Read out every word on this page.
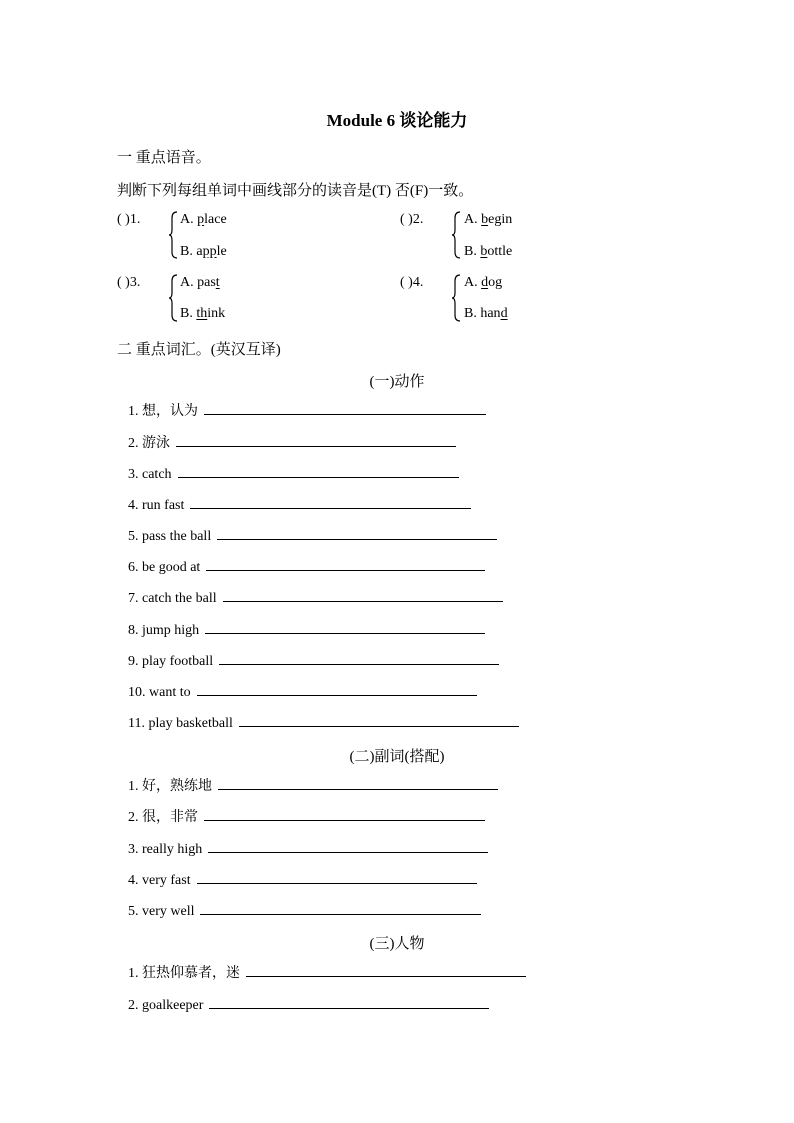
Module 6 谈论能力
一 重点语音。
判断下列每组单词中画线部分的读音是(T) 否(F)一致。
( )1.	A. place
B. apple
( )2.	A. begin
B. bottle
( )3.	A. past
B. think
( )4.	A. dog
B. hand
二 重点词汇。(英汉互译)
(一)动作
1. 想，认为
2. 游泳
3. catch
4. run fast
5. pass the ball
6. be good at
7. catch the ball
8. jump high
9. play football
10. want to
11. play basketball
(二)副词(搭配)
1. 好，熟练地
2. 很，非常
3. really high
4. very fast
5. very well
(三)人物
1. 狂热仰慕者，迷
2. goalkeeper
